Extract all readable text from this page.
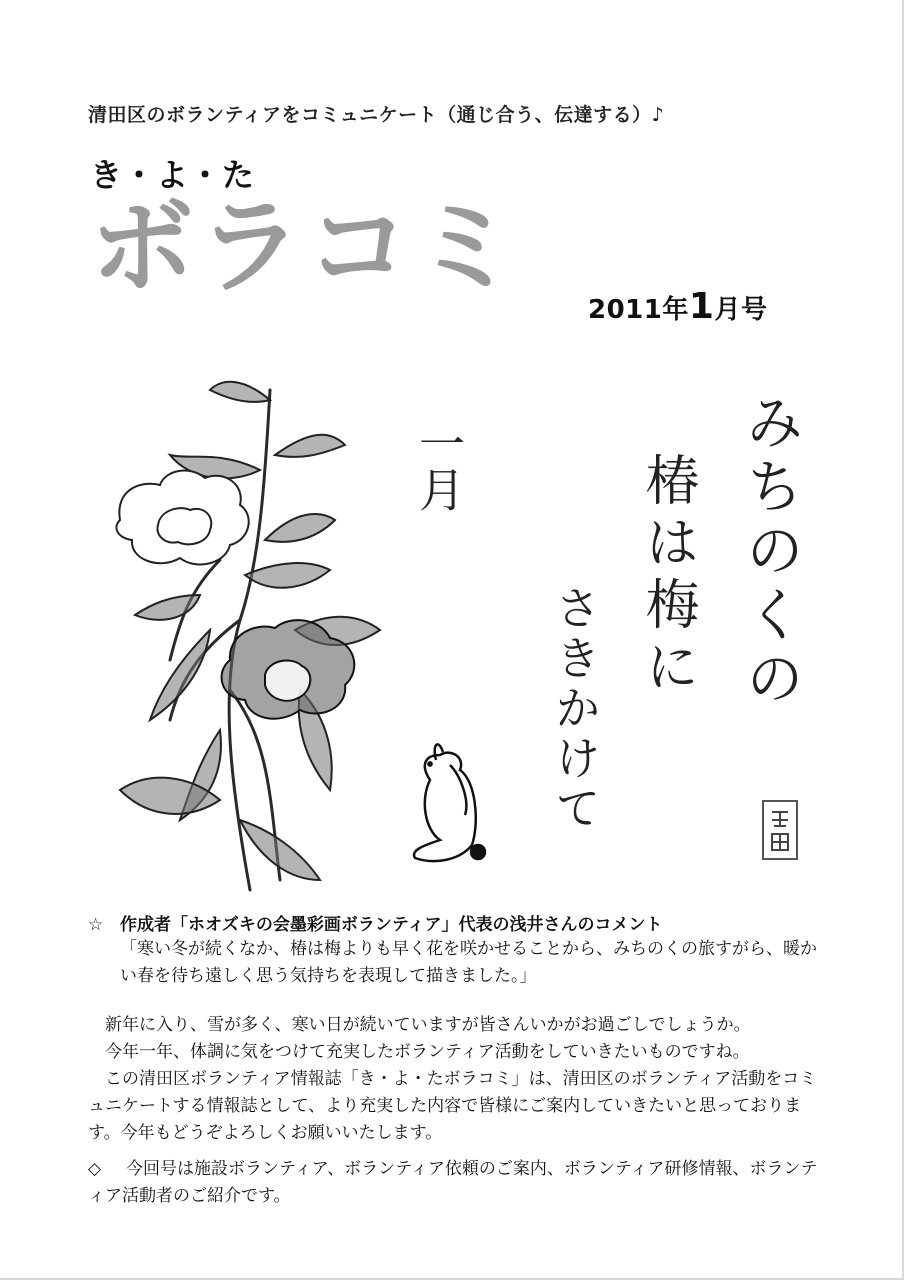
清田区のボランティアをコミュニケート（通じ合う、伝達する）♪
き・よ・た
ボラコミ
2011年1月号
一月	みちのくの
椿は梅に
さきかけて
☆ 作成者「ホオズキの会墨彩画ボランティア」代表の浅井さんのコメント
「寒い冬が続くなか、椿は梅よりも早く花を咲かせることから、みちのくの旅すがら、暖かい春を待ち遠しく思う気持ちを表現して描きました。」

　新年に入り、雪が多く、寒い日が続いていますが皆さんいかがお過ごしでしょうか。

　今年一年、体調に気をつけて充実したボランティア活動をしていきたいものですね。

　この清田区ボランティア情報誌「き・よ・たボラコミ」は、清田区のボランティア活動をコミュニケートする情報誌として、より充実した内容で皆様にご案内していきたいと思っております。今年もどうぞよろしくお願いいたします。

◇ 今回号は施設ボランティア、ボランティア依頼のご案内、ボランティア研修情報、ボランティア活動者のご紹介です。
